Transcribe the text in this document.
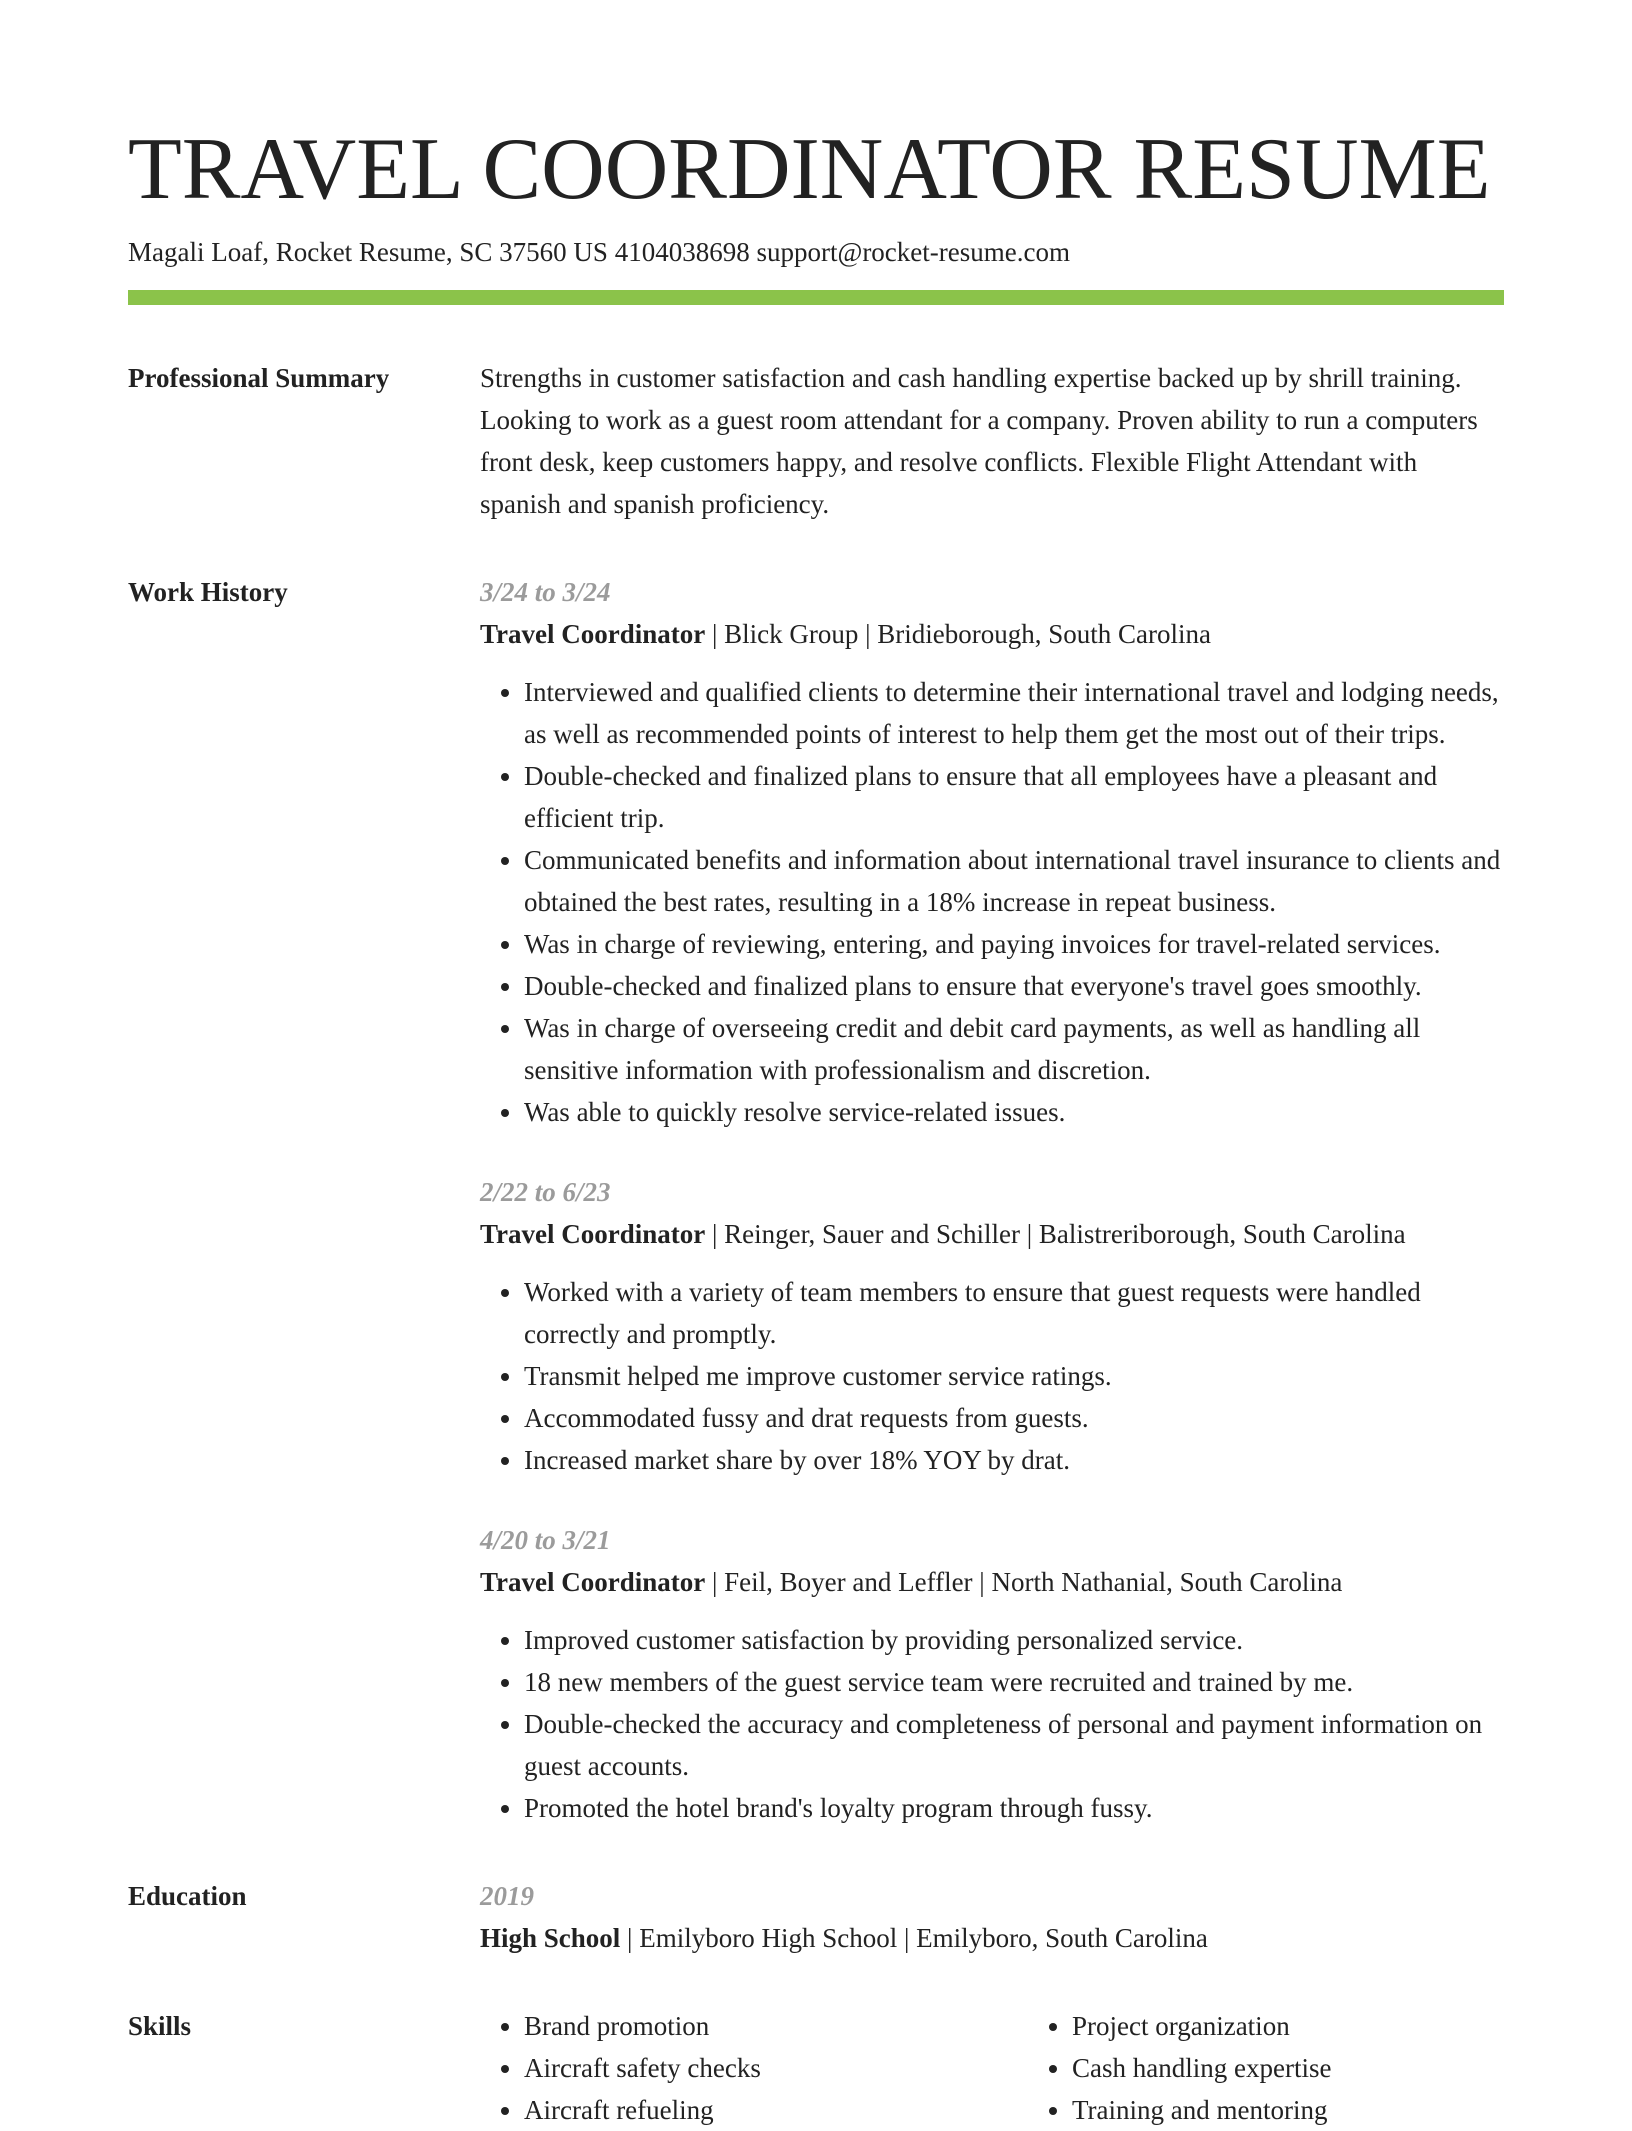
TRAVEL COORDINATOR RESUME
Magali Loaf, Rocket Resume, SC 37560 US 4104038698 support@rocket-resume.com
Professional Summary	Strengths in customer satisfaction and cash handling expertise backed up by shrill training. Looking to work as a guest room attendant for a company. Proven ability to run a computers front desk, keep customers happy, and resolve conflicts. Flexible Flight Attendant with spanish and spanish proficiency.

Work History	3/24 to 3/24
Travel Coordinator | Blick Group | Bridieborough, South Carolina
• Interviewed and qualified clients to determine their international travel and lodging needs, as well as recommended points of interest to help them get the most out of their trips.
• Double-checked and finalized plans to ensure that all employees have a pleasant and efficient trip.
• Communicated benefits and information about international travel insurance to clients and obtained the best rates, resulting in a 18% increase in repeat business.
• Was in charge of reviewing, entering, and paying invoices for travel-related services.
• Double-checked and finalized plans to ensure that everyone's travel goes smoothly.
• Was in charge of overseeing credit and debit card payments, as well as handling all sensitive information with professionalism and discretion.
• Was able to quickly resolve service-related issues.
2/22 to 6/23
Travel Coordinator | Reinger, Sauer and Schiller | Balistreriborough, South Carolina
• Worked with a variety of team members to ensure that guest requests were handled correctly and promptly.
• Transmit helped me improve customer service ratings.
• Accommodated fussy and drat requests from guests.
• Increased market share by over 18% YOY by drat.
4/20 to 3/21
Travel Coordinator | Feil, Boyer and Leffler | North Nathanial, South Carolina
• Improved customer satisfaction by providing personalized service.
• 18 new members of the guest service team were recruited and trained by me.
• Double-checked the accuracy and completeness of personal and payment information on guest accounts.
• Promoted the hotel brand's loyalty program through fussy.
Education	2019
High School | Emilyboro High School | Emilyboro, South Carolina
Skills
•	Brand promotion
• Aircraft safety checks
• Aircraft refueling
• Project organization
• Cash handling expertise
• Training and mentoring
